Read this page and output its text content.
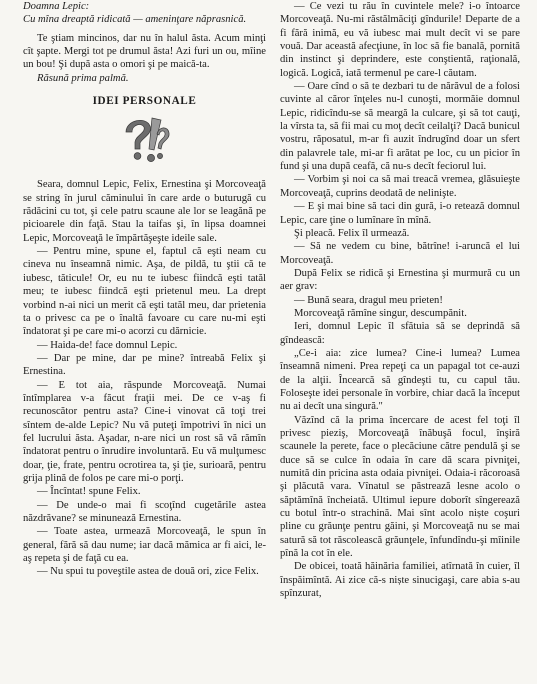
Doamna Lepic:

Cu mîna dreaptă ridicată — ameninţare năprasnică.

Te ştiam mincinos, dar nu în halul ăsta. Acum minţi cît şapte. Mergi tot pe drumul ăsta! Azi furi un ou, mîine un bou! Şi după asta o omori şi pe maică-ta.

Răsună prima palmă.

IDEI PERSONALE

Seara, domnul Lepic, Felix, Ernestina şi Morcoveaţă se string în jurul căminului în care arde o buturugă cu rădăcini cu tot, şi cele patru scaune ale lor se leagănă pe picioarele din faţă. Stau la taifas şi, în lipsa doamnei Lepic, Morcoveaţă le împărtăşeşte ideile sale.

— Pentru mine, spune el, faptul că eşti neam cu cineva nu înseamnă nimic. Aşa, de pildă, tu ştii că te iubesc, tăticule! Or, eu nu te iubesc fiindcă eşti tatăl meu; te iubesc fiindcă eşti prietenul meu. La drept vorbind n-ai nici un merit că eşti tatăl meu, dar prietenia ta o privesc ca pe o înaltă favoare cu care nu-mi eşti îndatorat şi pe care mi-o acorzi cu dărnicie.

— Haida-de! face domnul Lepic.

— Dar pe mine, dar pe mine? întreabă Felix şi Ernestina.

— E tot aia, răspunde Morcoveaţă. Numai întîmplarea v-a făcut fraţii mei. De ce v-aş fi recunoscător pentru asta? Cine-i vinovat că toţi trei sîntem de-alde Lepic? Nu vă puteţi împotrivi în nici un fel lucrului ăsta. Aşadar, n-are nici un rost să vă rămîn îndatorat pentru o înrudire involuntară. Eu vă mulţumesc doar, ţie, frate, pentru ocrotirea ta, şi ţie, surioară, pentru grija plină de folos pe care mi-o porţi.

— Încîntat! spune Felix.

— De unde-o mai fi scoţînd cugetările astea năzdrăvane? se minunează Ernestina.

— Toate astea, urmează Morcoveaţă, le spun în general, fără să dau nume; iar dacă mămica ar fi aici, le-aş repeta şi de faţă cu ea.

— Nu spui tu poveştile astea de două ori, zice Felix.

— Ce vezi tu rău în cuvintele mele? i-o întoarce Morcoveaţă. Nu-mi răstălmăciţi gîndurile! Departe de a fi fără inimă, eu vă iubesc mai mult decît vi se pare vouă. Dar această afecţiune, în loc să fie banală, pornită din instinct şi deprindere, este conştientă, raţională, logică. Logică, iată termenul pe care-l căutam.

— Oare cînd o să te dezbari tu de nărăvul de a folosi cuvinte al căror înţeles nu-l cunoşti, mormăie domnul Lepic, ridicîndu-se să meargă la culcare, şi să tot cauţi, la vîrsta ta, să fii mai cu moţ decît ceilalţi? Dacă bunicul vostru, răposatul, m-ar fi auzit îndrugînd doar un sfert din palavrele tale, mi-ar fi arătat pe loc, cu un picior în fund şi una după ceafă, că nu-s decît feciorul lui.

— Vorbim şi noi ca să mai treacă vremea, glăsuieşte Morcoveaţă, cuprins deodată de nelinişte.

— E şi mai bine să taci din gură, i-o retează domnul Lepic, care ţine o lumînare în mînă.

Şi pleacă. Felix îl urmează.

— Să ne vedem cu bine, bătrîne! i-aruncă el lui Morcoveaţă.

După Felix se ridică şi Ernestina şi murmură cu un aer grav:

— Bună seara, dragul meu prieten!

Morcoveaţă rămîne singur, descumpănit.

Ieri, domnul Lepic îl sfătuia să se deprindă să gîndească:

„Ce-i aia: zice lumea? Cine-i lumea? Lumea înseamnă nimeni. Prea repeţi ca un papagal tot ce-auzi de la alţii. Încearcă să gîndeşti tu, cu capul tău. Foloseşte idei personale în vorbire, chiar dacă la început nu ai decît una singură."

Văzînd că la prima încercare de acest fel toţi îl privesc pieziş, Morcoveaţă înăbuşă focul, înşiră scaunele la perete, face o plecăciune către pendulă şi se duce să se culce în odaia în care dă scara pivniţei, numită din pricina asta odaia pivniţei. Odaia-i răcoroasă şi plăcută vara. Vînatul se păstrează lesne acolo o săptămînă încheiată. Ultimul iepure doborît sîngerează cu botul într-o strachină. Mai sînt acolo niște coşuri pline cu grăunţe pentru găini, şi Morcoveaţă nu se mai satură să tot răscolească grăunţele, înfundîndu-şi mîinile pînă la cot în ele.

De obicei, toată hăinăria familiei, atîrnată în cuier, îl înspăimîntă. Ai zice că-s niște sinucigaşi, care abia s-au spînzurat,
